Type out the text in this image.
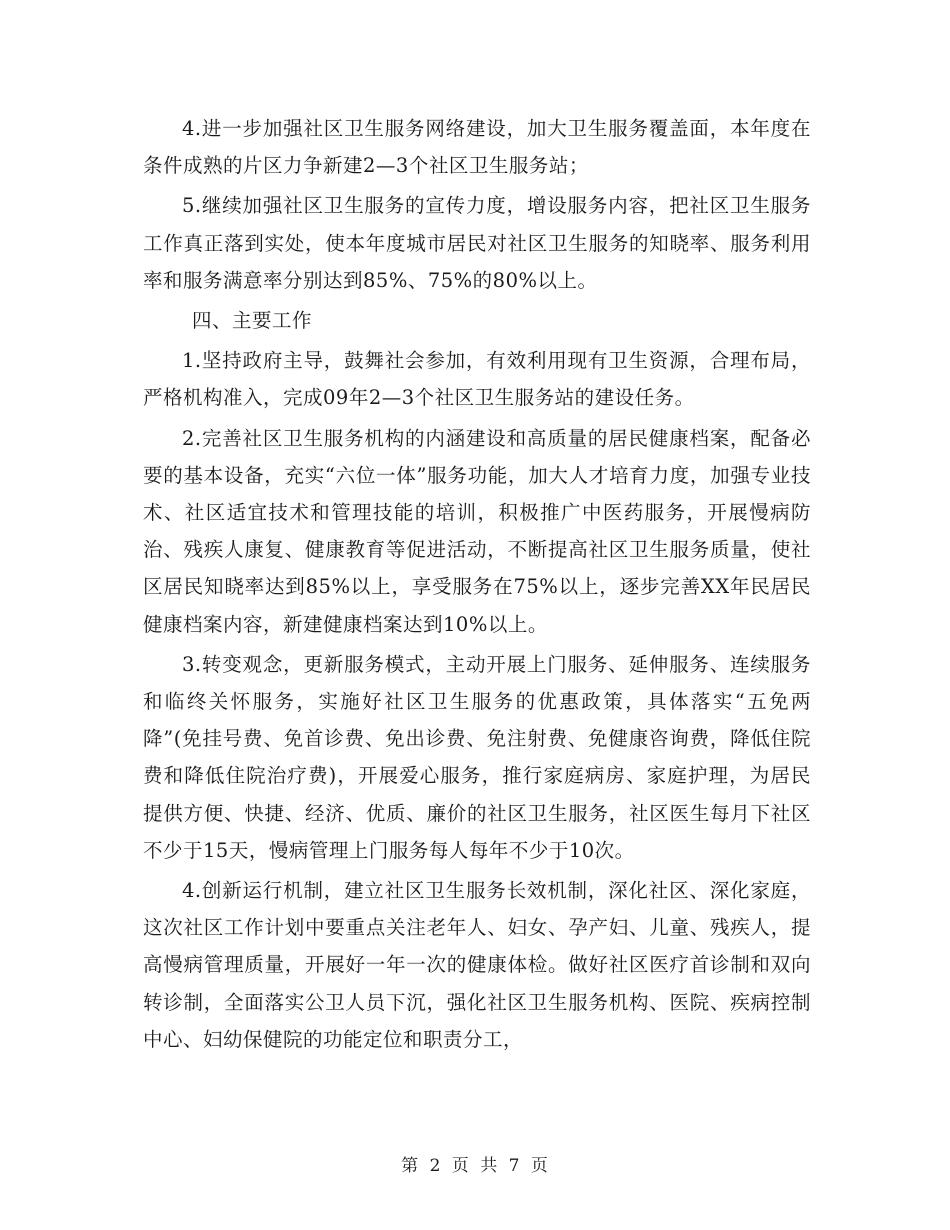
4.进一步加强社区卫生服务网络建设，加大卫生服务覆盖面，本年度在条件成熟的片区力争新建2—3个社区卫生服务站；

5.继续加强社区卫生服务的宣传力度，增设服务内容，把社区卫生服务工作真正落到实处，使本年度城市居民对社区卫生服务的知晓率、服务利用率和服务满意率分别达到85%、75%的80%以上。

四、主要工作

1.坚持政府主导，鼓舞社会参加，有效利用现有卫生资源，合理布局，严格机构准入，完成09年2—3个社区卫生服务站的建设任务。

2.完善社区卫生服务机构的内涵建设和高质量的居民健康档案，配备必要的基本设备，充实“六位一体”服务功能，加大人才培育力度，加强专业技术、社区适宜技术和管理技能的培训，积极推广中医药服务，开展慢病防治、残疾人康复、健康教育等促进活动，不断提高社区卫生服务质量，使社区居民知晓率达到85%以上，享受服务在75%以上，逐步完善XX年民居民健康档案内容，新建健康档案达到10%以上。

3.转变观念，更新服务模式，主动开展上门服务、延伸服务、连续服务和临终关怀服务，实施好社区卫生服务的优惠政策，具体落实“五免两降”(免挂号费、免首诊费、免出诊费、免注射费、免健康咨询费，降低住院费和降低住院治疗费)，开展爱心服务，推行家庭病房、家庭护理，为居民提供方便、快捷、经济、优质、廉价的社区卫生服务，社区医生每月下社区不少于15天，慢病管理上门服务每人每年不少于10次。

4.创新运行机制，建立社区卫生服务长效机制，深化社区、深化家庭，这次社区工作计划中要重点关注老年人、妇女、孕产妇、儿童、残疾人，提高慢病管理质量，开展好一年一次的健康体检。做好社区医疗首诊制和双向转诊制，全面落实公卫人员下沉，强化社区卫生服务机构、医院、疾病控制中心、妇幼保健院的功能定位和职责分工，

第 2 页 共 7 页
